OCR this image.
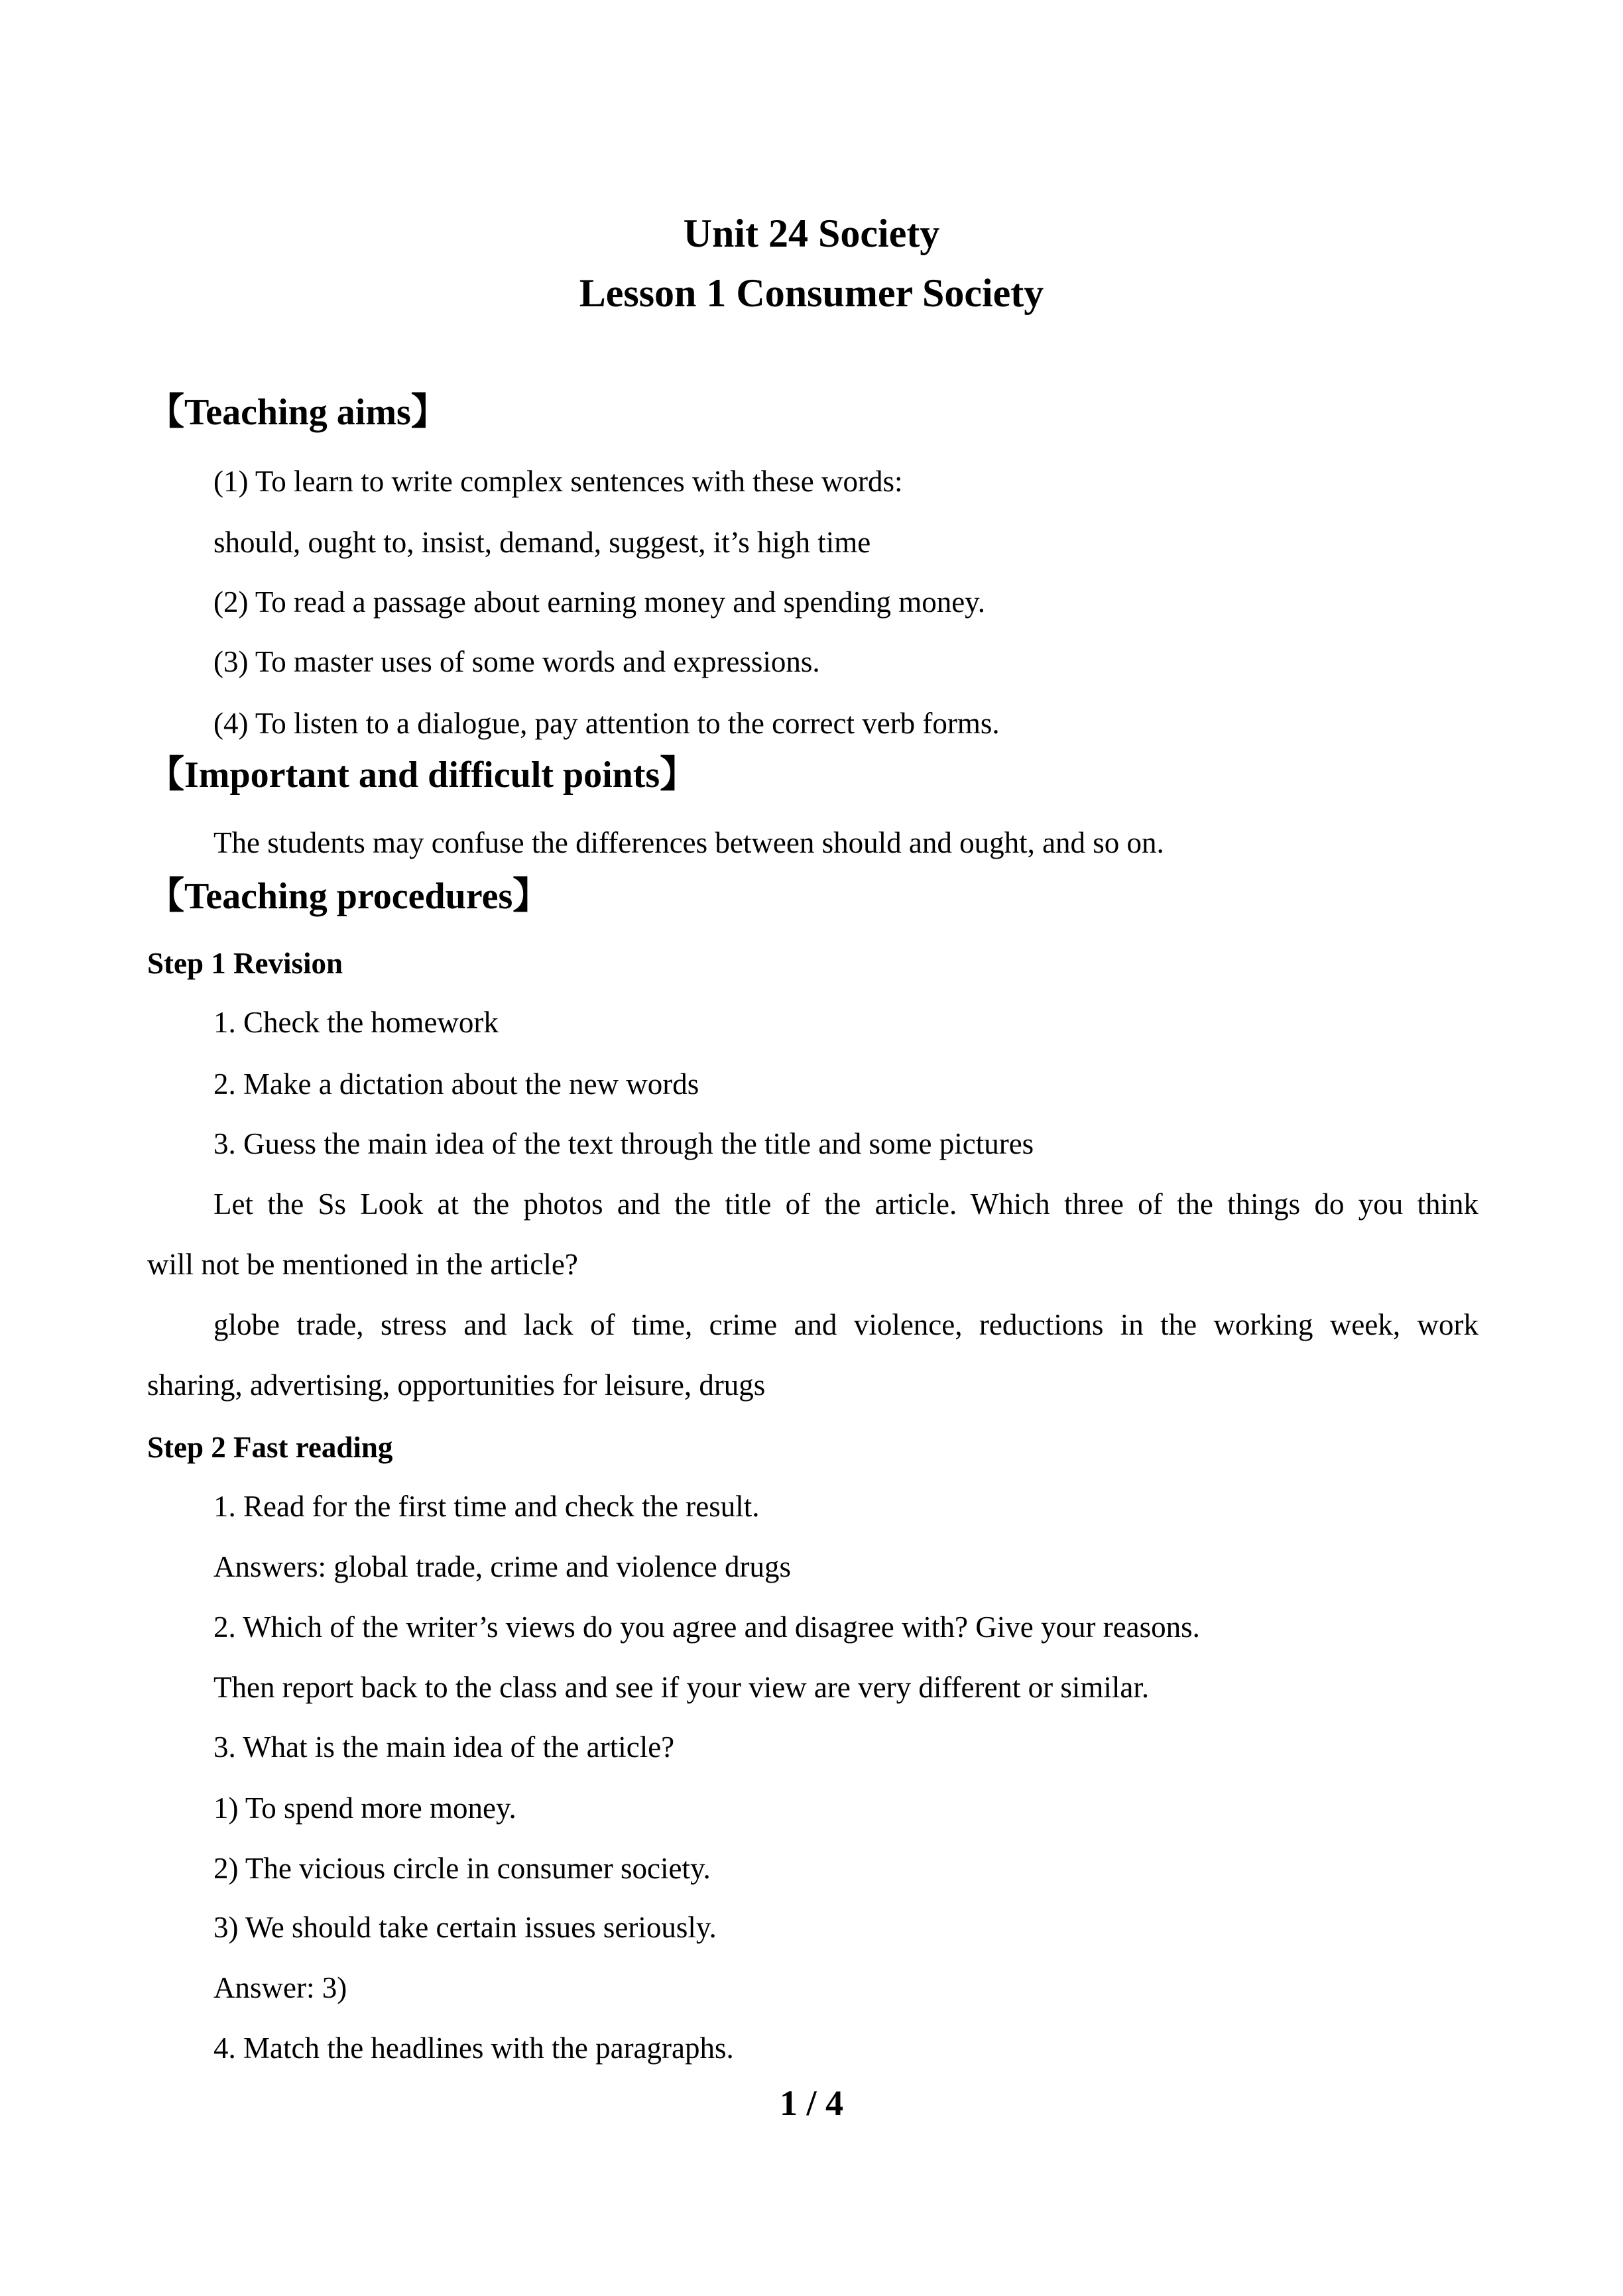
Unit 24 Society
Lesson 1 Consumer Society
【Teaching aims】
(1) To learn to write complex sentences with these words:
should, ought to, insist, demand, suggest, it’s high time
(2) To read a passage about earning money and spending money.
(3) To master uses of some words and expressions.
(4) To listen to a dialogue, pay attention to the correct verb forms.
【Important and difficult points】
The students may confuse the differences between should and ought, and so on.
【Teaching procedures】
Step 1 Revision
1. Check the homework
2. Make a dictation about the new words
3. Guess the main idea of the text through the title and some pictures
Let the Ss Look at the photos and the title of the article. Which three of the things do you think
will not be mentioned in the article?
globe trade, stress and lack of time, crime and violence, reductions in the working week, work
sharing, advertising, opportunities for leisure, drugs
Step 2 Fast reading
1. Read for the first time and check the result.
Answers: global trade, crime and violence drugs
2. Which of the writer’s views do you agree and disagree with? Give your reasons.
Then report back to the class and see if your view are very different or similar.
3. What is the main idea of the article?
1) To spend more money.
2) The vicious circle in consumer society.
3) We should take certain issues seriously.
Answer: 3)
4. Match the headlines with the paragraphs.
1 / 4
